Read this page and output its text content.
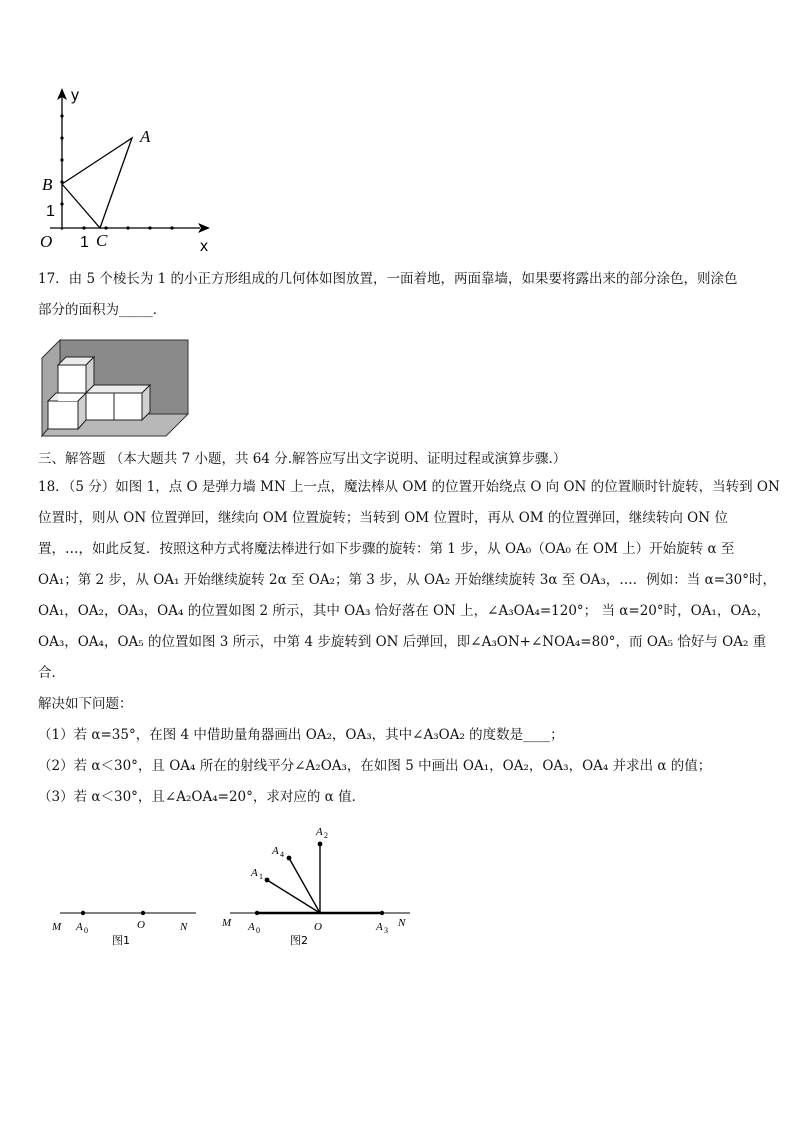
y
x
A
B
C
O
1
1
17．由 5 个棱长为 1 的小正方形组成的几何体如图放置，一面着地，两面靠墙，如果要将露出来的部分涂色，则涂色
部分的面积为_____．
三、解答题 （本大题共 7 小题，共 64 分.解答应写出文字说明、证明过程或演算步骤.）
18．（5 分）如图 1，点 O 是弹力墙 MN 上一点，魔法棒从 OM 的位置开始绕点 O 向 ON 的位置顺时针旋转，当转到 ON
位置时，则从 ON 位置弹回，继续向 OM 位置旋转；当转到 OM 位置时，再从 OM 的位置弹回，继续转向 ON 位
置，…，如此反复．按照这种方式将魔法棒进行如下步骤的旋转：第 1 步，从 OA₀（OA₀ 在 OM 上）开始旋转 α 至
OA₁；第 2 步，从 OA₁ 开始继续旋转 2α 至 OA₂；第 3 步，从 OA₂ 开始继续旋转 3α 至 OA₃，…．例如：当 α=30°时，
OA₁，OA₂，OA₃，OA₄ 的位置如图 2 所示，其中 OA₃ 恰好落在 ON 上，∠A₃OA₄=120°； 当 α=20°时，OA₁，OA₂，
OA₃，OA₄，OA₅ 的位置如图 3 所示，中第 4 步旋转到 ON 后弹回，即∠A₃ON+∠NOA₄=80°，而 OA₅ 恰好与 OA₂ 重
合．
解决如下问题：
（1）若 α=35°，在图 4 中借助量角器画出 OA₂，OA₃，其中∠A₃OA₂ 的度数是____；
（2）若 α＜30°，且 OA₄ 所在的射线平分∠A₂OA₃，在如图 5 中画出 OA₁，OA₂，OA₃，OA₄ 并求出 α 的值；
（3）若 α＜30°，且∠A₂OA₄=20°，求对应的 α 值．
M A 0	O	N
图1
M A 0	O	A 3
N
A 1
A 4
A 2
图2
